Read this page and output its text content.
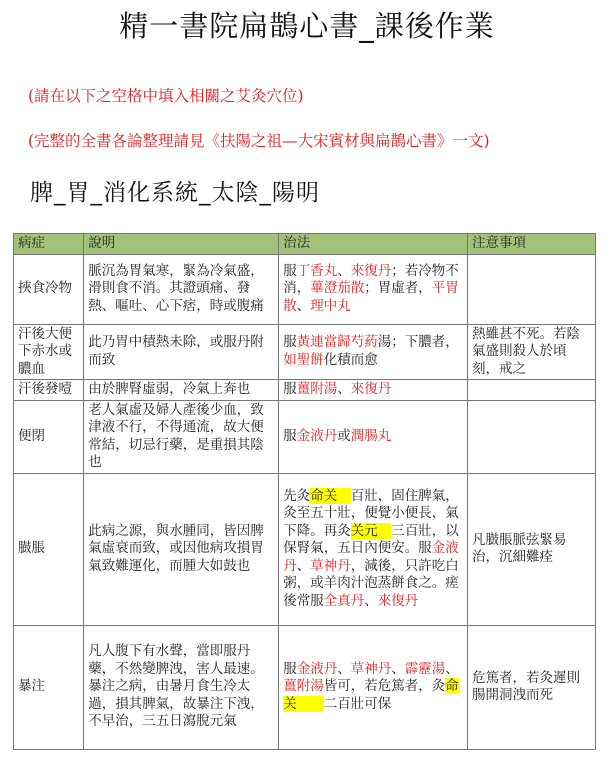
精一書院扁鵲心書_課後作業
(請在以下之空格中填入相關之艾灸穴位)
(完整的全書各論整理請見《扶陽之祖—大宋賓材與扁鵲心書》一文)
脾_胃_消化系統_太陰_陽明
病症	說明	治法	注意事項
挾食冷物	脈沉為胃氣寒，緊為冷氣盛，滑則食不消。其證頭痛、發熱、嘔吐、心下痞，時或腹痛	服丁香丸、來復丹；若冷物不消，蓽澄茄散；胃虛者，平胃散、理中丸	
汗後大便下赤水或膿血	此乃胃中積熱未除，或服丹附而致	服黃連當歸芍葯湯；下膿者，如聖餅化積而愈	熱雖甚不死。若陰氣盛則殺人於頃刻，戒之
汗後發噎	由於脾腎虛弱，冷氣上奔也	服薑附湯、來復丹	
便閉	老人氣虛及婦人產後少血，致津液不行，不得通流，故大便常結，切忌行藥，是重損其陰也	服金液丹或潤腸丸	
臌脹	此病之源，與水腫同，皆因脾氣虛衰而致，或因他病攻損胃氣致難運化，而腫大如鼓也	先灸命关　百壯，固住脾氣，灸至五十壯，便覺小便長，氣下降。再灸关元　三百壯，以保腎氣，五日內便安。服金液丹、草神丹，減後，只許吃白粥，或羊肉汁泡蒸餅食之。瘥後常服全真丹、來復丹	凡臌脹脈弦緊易治，沉細難痊
暴注	凡人腹下有水聲，當即服丹藥，不然變脾洩，害人最速。暴注之病，由暑月食生冷太過，損其脾氣，故暴注下洩，不早治，三五日瀉脫元氣	服金液丹、草神丹、霹靂湯、薑附湯皆可，若危篤者，灸命关　　二百壯可保	危篤者，若灸遲則腸開洞洩而死
